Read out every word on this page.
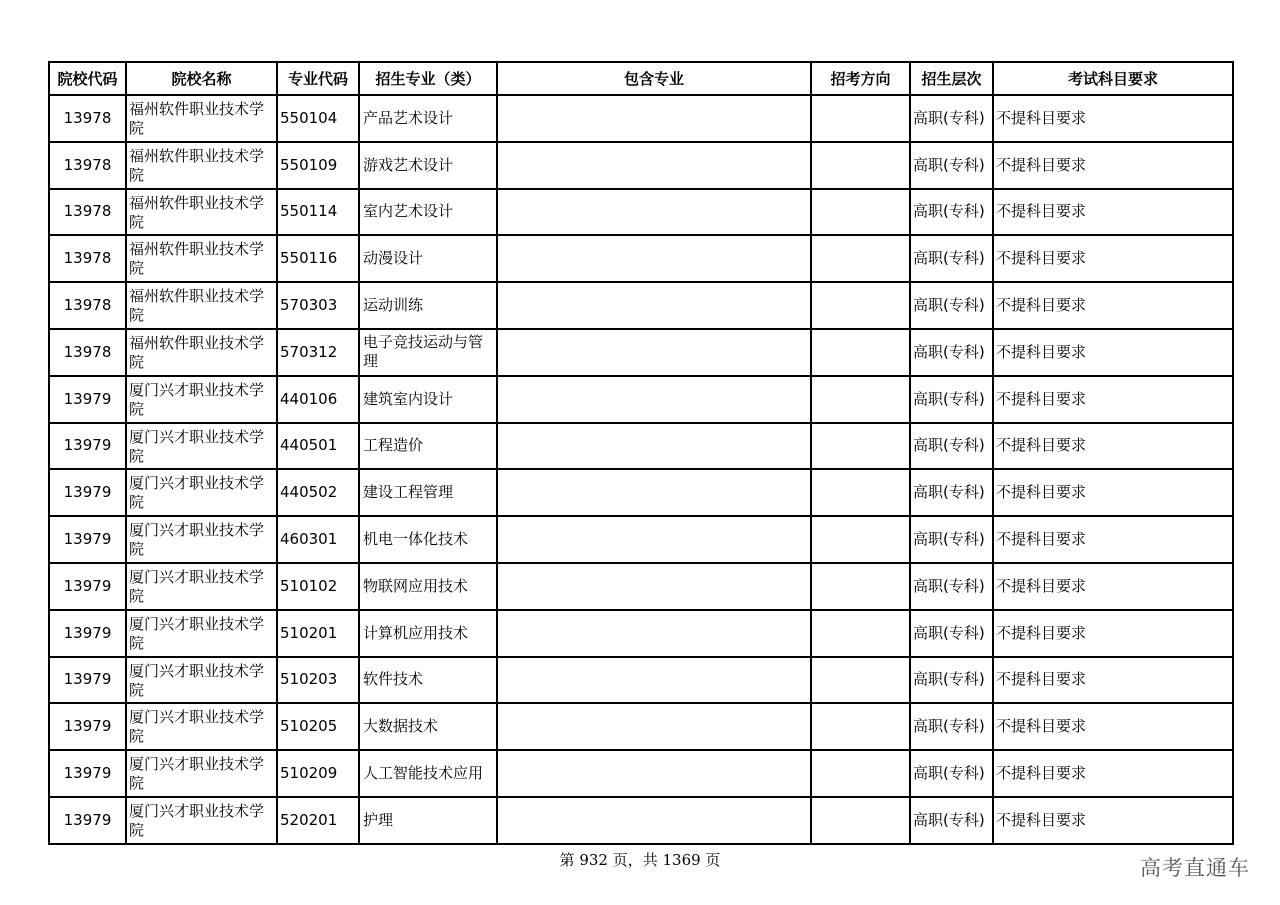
院校代码	院校名称	专业代码	招生专业（类）	包含专业	招考方向	招生层次	考试科目要求
13978	福州软件职业技术学院	550104	产品艺术设计			高职(专科)	不提科目要求
13978	福州软件职业技术学院	550109	游戏艺术设计			高职(专科)	不提科目要求
13978	福州软件职业技术学院	550114	室内艺术设计			高职(专科)	不提科目要求
13978	福州软件职业技术学院	550116	动漫设计			高职(专科)	不提科目要求
13978	福州软件职业技术学院	570303	运动训练			高职(专科)	不提科目要求
13978	福州软件职业技术学院	570312	电子竞技运动与管理			高职(专科)	不提科目要求
13979	厦门兴才职业技术学院	440106	建筑室内设计			高职(专科)	不提科目要求
13979	厦门兴才职业技术学院	440501	工程造价			高职(专科)	不提科目要求
13979	厦门兴才职业技术学院	440502	建设工程管理			高职(专科)	不提科目要求
13979	厦门兴才职业技术学院	460301	机电一体化技术			高职(专科)	不提科目要求
13979	厦门兴才职业技术学院	510102	物联网应用技术			高职(专科)	不提科目要求
13979	厦门兴才职业技术学院	510201	计算机应用技术			高职(专科)	不提科目要求
13979	厦门兴才职业技术学院	510203	软件技术			高职(专科)	不提科目要求
13979	厦门兴才职业技术学院	510205	大数据技术			高职(专科)	不提科目要求
13979	厦门兴才职业技术学院	510209	人工智能技术应用			高职(专科)	不提科目要求
13979	厦门兴才职业技术学院	520201	护理			高职(专科)	不提科目要求
第 932 页，共 1369 页	高考直通车
